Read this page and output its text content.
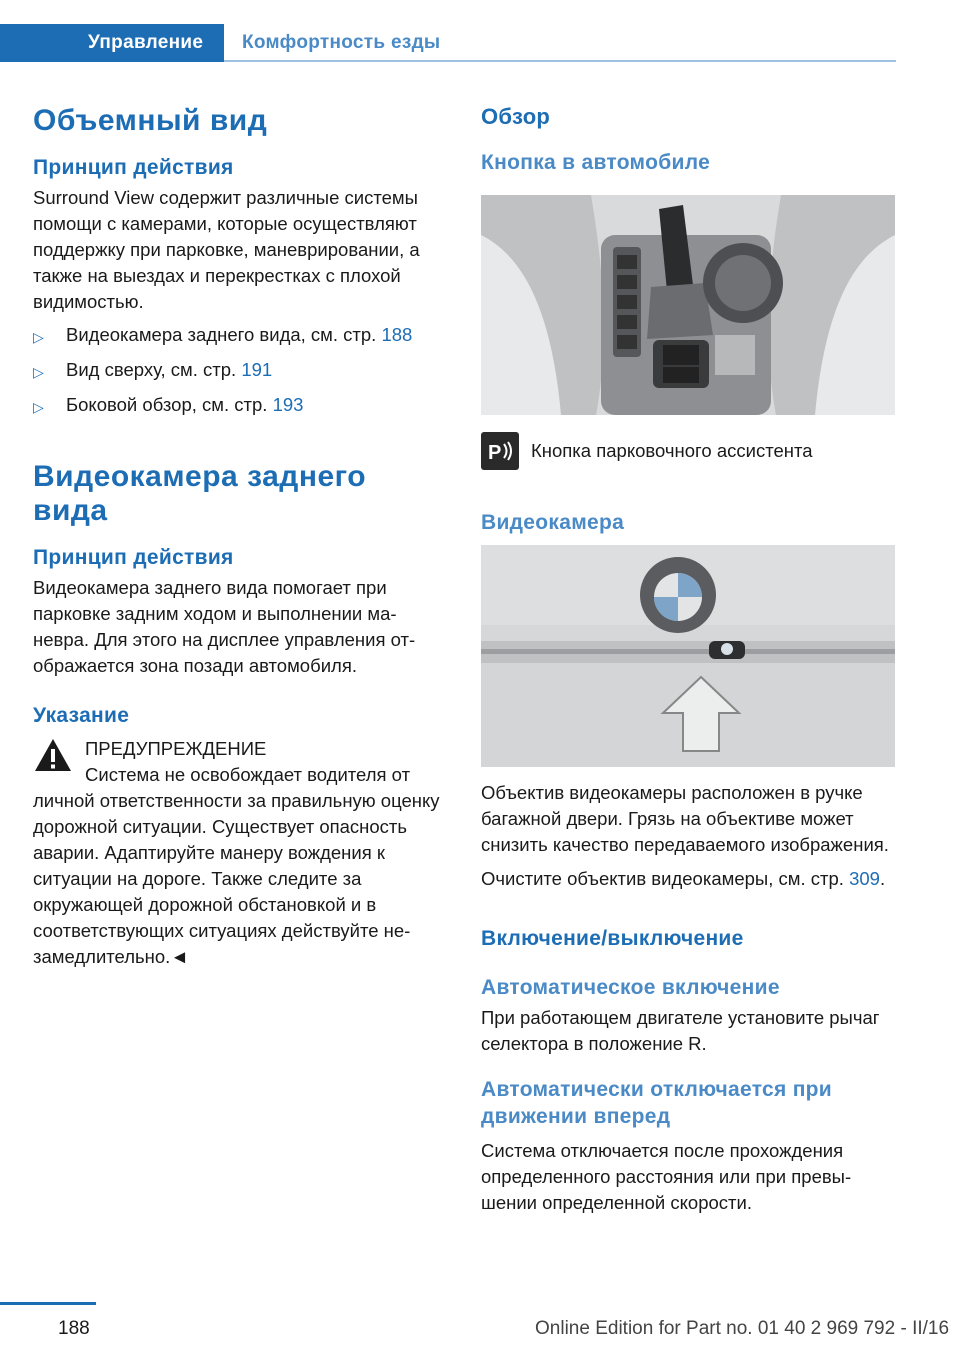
Управление	Комфортность езды
Объемный вид
Принцип действия

Surround View содержит различные системы помощи с камерами, которые осуществляют поддержку при парковке, маневрировании, а также на выездах и перекрестках с плохой видимостью.

▷	Видеокамера заднего вида, см. стр. 188
▷	Вид сверху, см. стр. 191
▷	Боковой обзор, см. стр. 193
Видеокамера заднего вида
Принцип действия

Видеокамера заднего вида помогает при парковке задним ходом и выполнении маневра. Для этого на дисплее управления отображается зона позади автомобиля.

Указание

ПРЕДУПРЕЖДЕНИЕ

Система не освобождает водителя от личной ответственности за правильную оценку дорожной ситуации. Существует опасность аварии. Адаптируйте манеру вождения к ситуации на дороге. Также следите за окружающей дорожной обстановкой и в соответствующих ситуациях действуйте незамедлительно.◄

Обзор
Кнопка в автомобиле
P Кнопка парковочного ассистента

Видеокамера

Объектив видеокамеры расположен в ручке багажной двери. Грязь на объективе может снизить качество передаваемого изображения.

Очистите объектив видеокамеры, см. стр. 309.

Включение/выключение
Автоматическое включение

При работающем двигателе установите рычаг селектора в положение R.

Автоматически отключается при движении вперед

Система отключается после прохождения определенного расстояния или при превышении определенной скорости.

188	Online Edition for Part no. 01 40 2 969 792 - II/16
